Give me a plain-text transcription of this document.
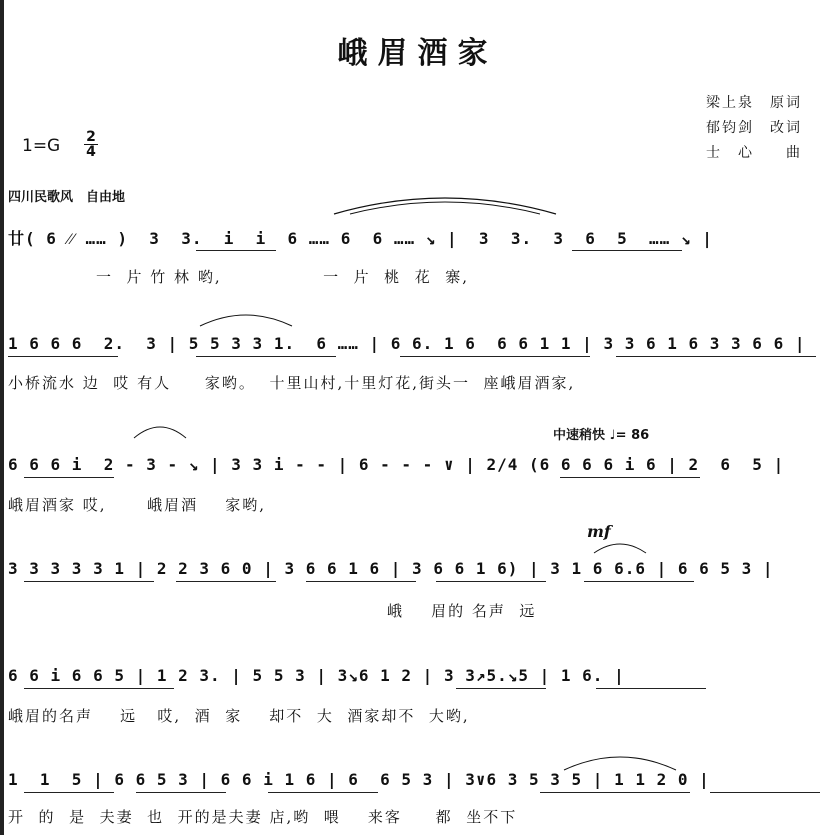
峨眉酒家
梁上泉　原词
郁钧剑　改词
士　心　　曲
1=G 2
4
四川民歌风　自由地
廿( 6 ⁄⁄ …… )  3  3.  i  i  6 …… 6  6 …… ↘ |  3  3.  3  6  5  …… ↘ |
一  片 竹 林 哟,               一  片  桃  花  寨,
1 6 6 6  2.  3 | 5 5 3 3 1.  6 …… | 6 6. 1 6  6 6 1 1 | 3 3 6 1 6 3 3 6 6 |
小桥流水 边  哎 有人     家哟。  十里山村,十里灯花,街头一  座峨眉酒家,
中速稍快 ♩= 86
6 6 6 i  2 - 3 - ↘ | 3 3 i - - | 6 - - - ∨ | 2/4 (6 6 6 6 i 6 | 2  6  5 |
峨眉酒家 哎,      峨眉酒    家哟,
mf
3 3 3 3 3 1 | 2 2 3 6 0 | 3 6 6 1 6 | 3 6 6 1 6) | 3 1 6 6.6 | 6 6 5 3 |
峨    眉的 名声  远
6 6 i 6 6 5 | 1 2 3. | 5 5 3 | 3↘6 1 2 | 3 3↗5.↘5 | 1 6. |
峨眉的名声    远   哎,  酒  家    却不  大  酒家却不  大哟,
1  1  5 | 6 6 5 3 | 6 6 i 1 6 | 6  6 5 3 | 3∨6 3 5 3 5 | 1 1 2 0 |
开  的  是  夫妻  也  开的是夫妻 店,哟  喂    来客     都  坐不下
